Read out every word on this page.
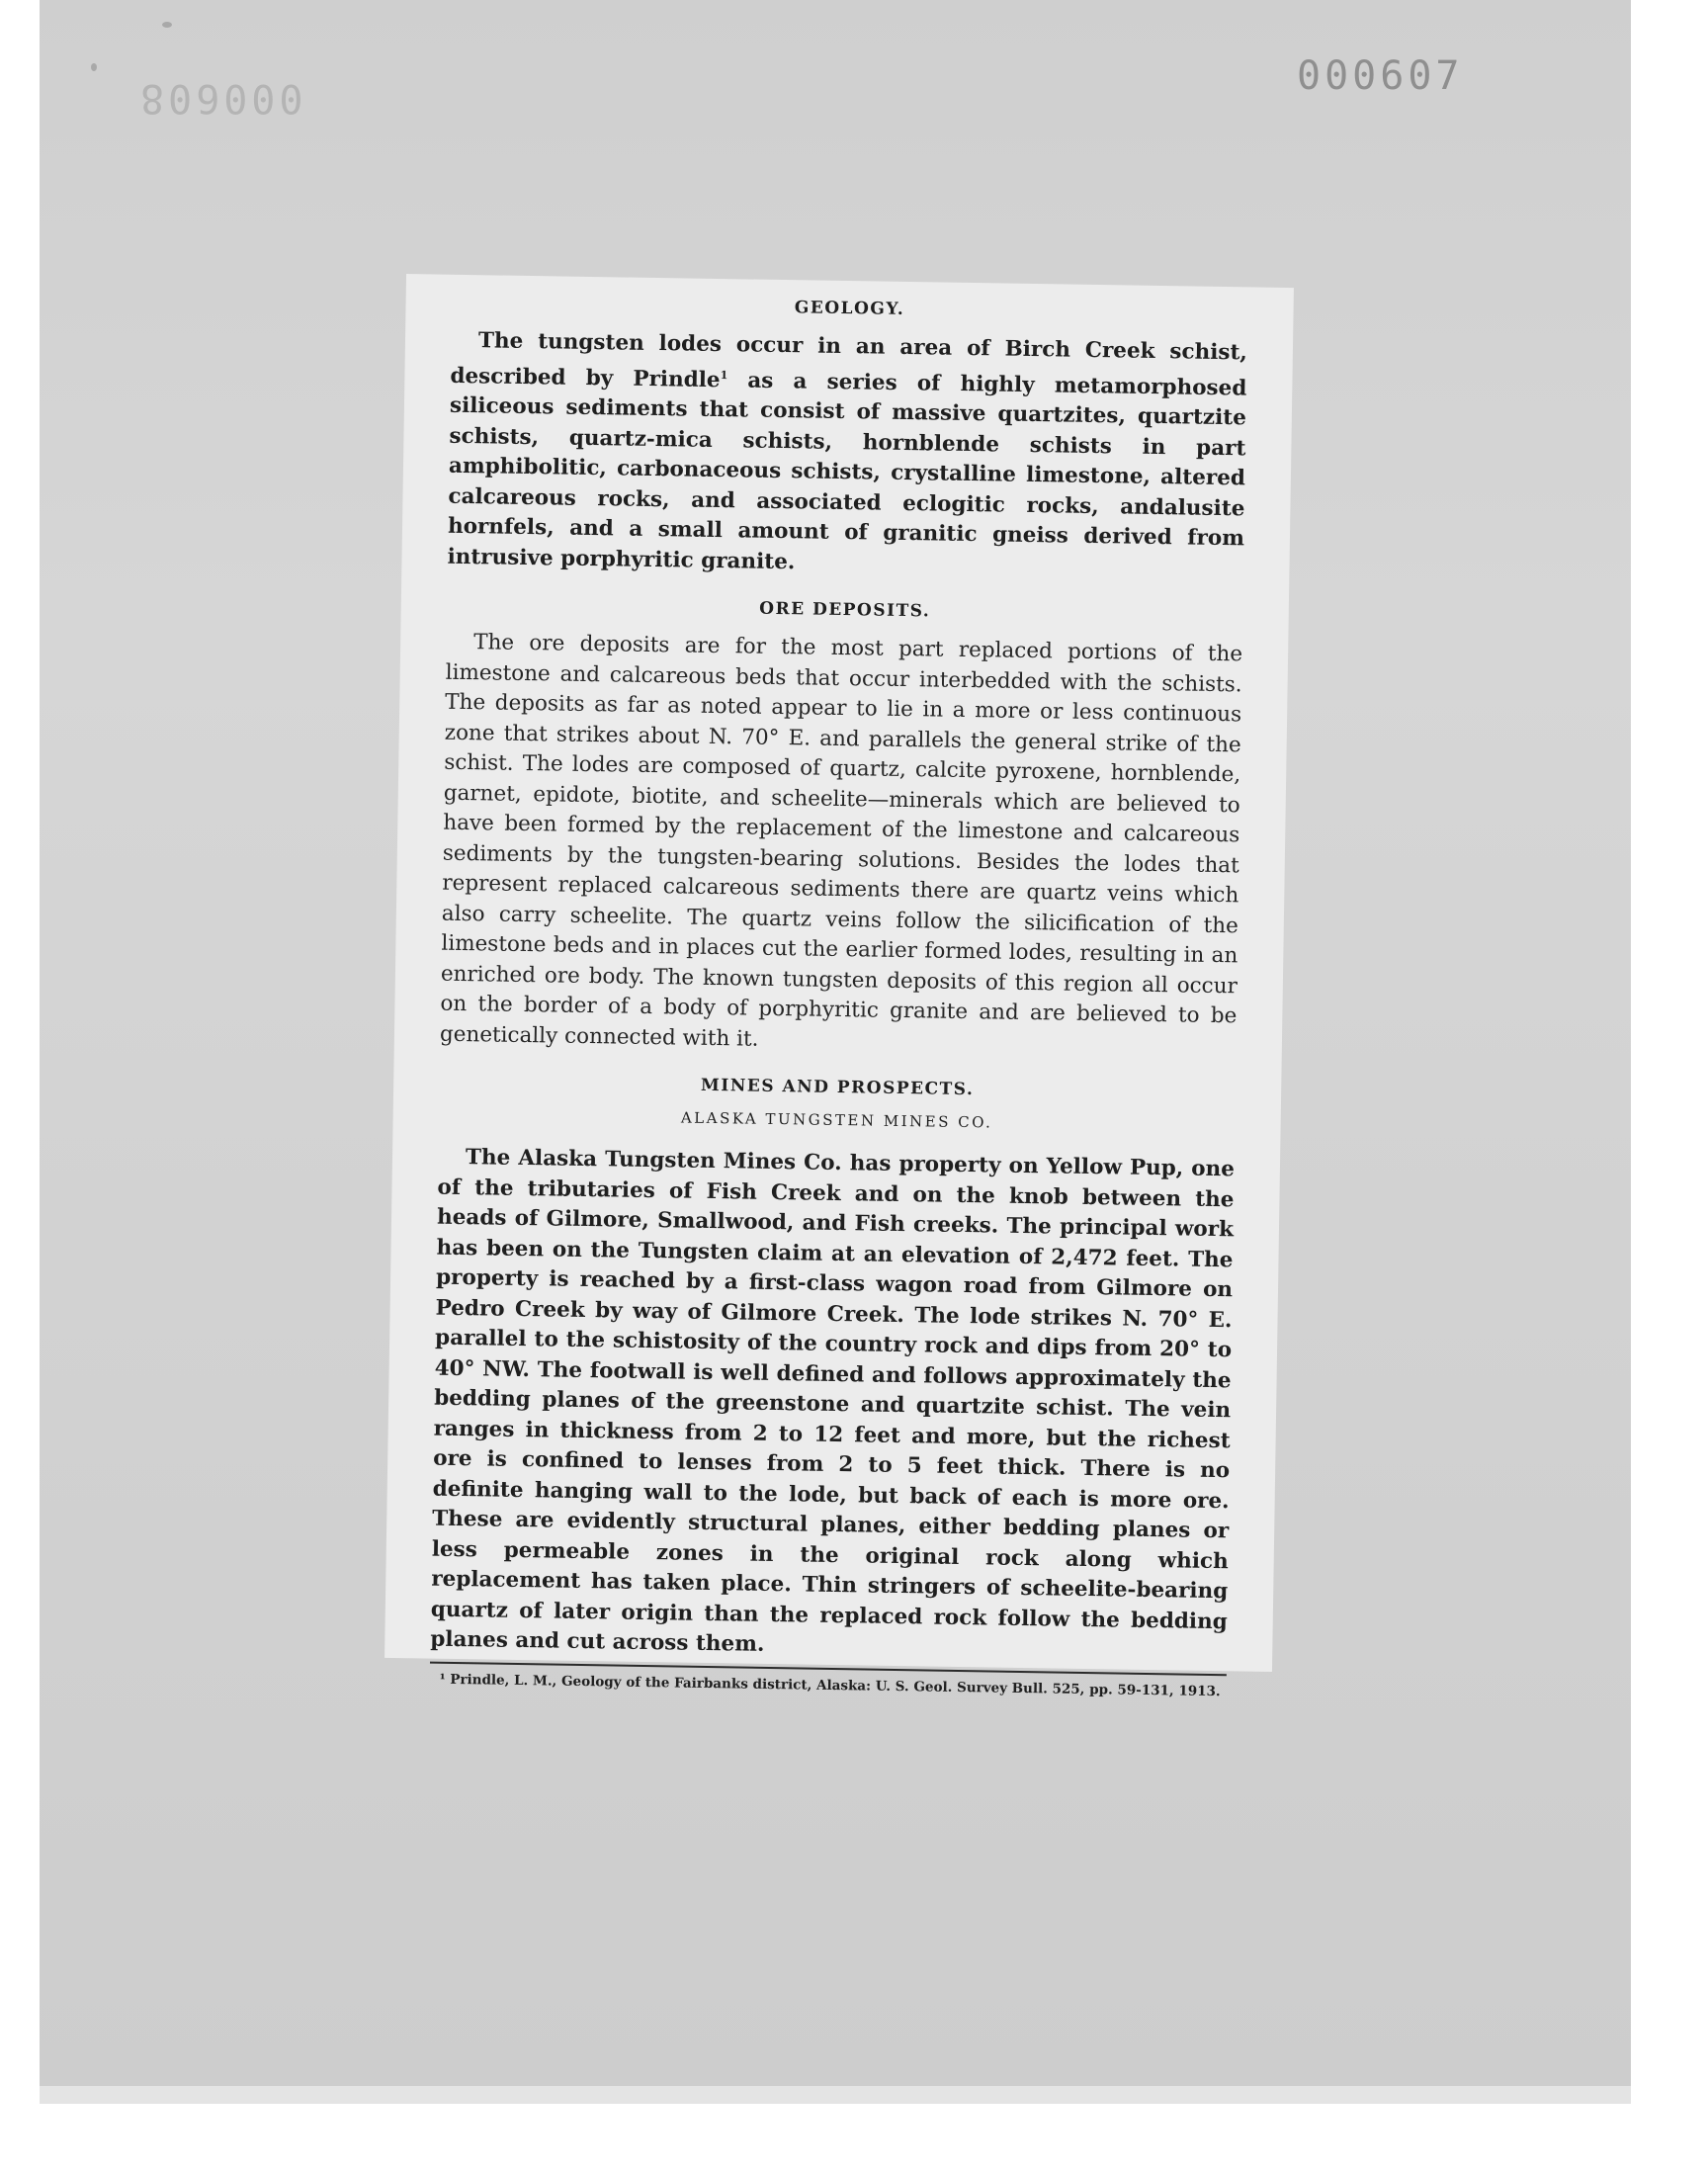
000608	000607
GEOLOGY.

The tungsten lodes occur in an area of Birch Creek schist, described by Prindle$^1$ as a series of highly metamorphosed siliceous sediments that consist of massive quartzites, quartzite schists, quartz-mica schists, hornblende schists in part amphibolitic, carbonaceous schists, crystalline limestone, altered calcareous rocks, and associated eclogitic rocks, andalusite hornfels, and a small amount of granitic gneiss derived from intrusive porphyritic granite.

ORE DEPOSITS.

The ore deposits are for the most part replaced portions of the limestone and calcareous beds that occur interbedded with the schists. The deposits as far as noted appear to lie in a more or less continuous zone that strikes about N. 70° E. and parallels the general strike of the schist. The lodes are composed of quartz, calcite pyroxene, hornblende, garnet, epidote, biotite, and scheelite—minerals which are believed to have been formed by the replacement of the limestone and calcareous sediments by the tungsten-bearing solutions. Besides the lodes that represent replaced calcareous sediments there are quartz veins which also carry scheelite. The quartz veins follow the silicification of the limestone beds and in places cut the earlier formed lodes, resulting in an enriched ore body. The known tungsten deposits of this region all occur on the border of a body of porphyritic granite and are believed to be genetically connected with it.

MINES AND PROSPECTS.
ALASKA TUNGSTEN MINES CO.

The Alaska Tungsten Mines Co. has property on Yellow Pup, one of the tributaries of Fish Creek and on the knob between the heads of Gilmore, Smallwood, and Fish creeks. The principal work has been on the Tungsten claim at an elevation of 2,472 feet. The property is reached by a first-class wagon road from Gilmore on Pedro Creek by way of Gilmore Creek. The lode strikes N. 70° E. parallel to the schistosity of the country rock and dips from 20° to 40° NW. The footwall is well defined and follows approximately the bedding planes of the greenstone and quartzite schist. The vein ranges in thickness from 2 to 12 feet and more, but the richest ore is confined to lenses from 2 to 5 feet thick. There is no definite hanging wall to the lode, but back of each is more ore. These are evidently structural planes, either bedding planes or less permeable zones in the original rock along which replacement has taken place. Thin stringers of scheelite-bearing quartz of later origin than the replaced rock follow the bedding planes and cut across them.

¹ Prindle, L. M., Geology of the Fairbanks district, Alaska: U. S. Geol. Survey Bull. 525, pp. 59-131, 1913.
